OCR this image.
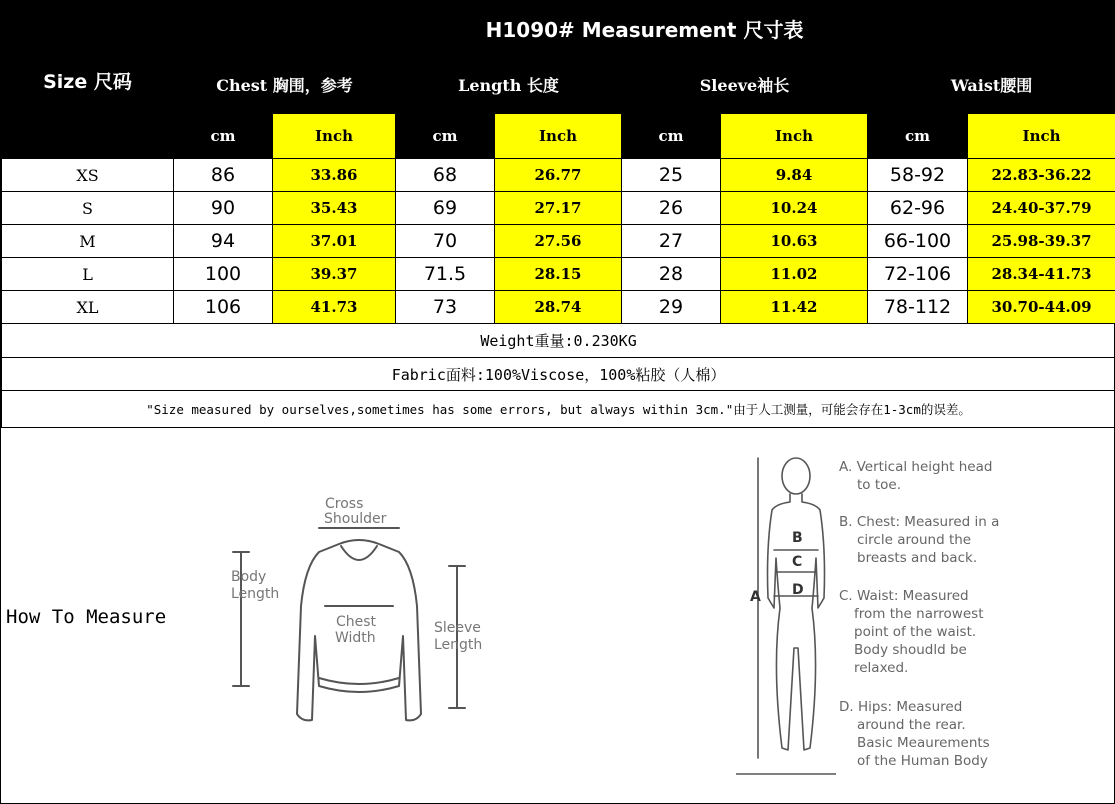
Size 尺码	H1090# Measurement 尺寸表							
	Chest 胸围，参考		Length 长度		Sleeve袖长		Waist腰围	
	cm	Inch	cm	Inch	cm	Inch	cm	Inch
XS	86	33.86	68	26.77	25	9.84	58-92	22.83-36.22
S	90	35.43	69	27.17	26	10.24	62-96	24.40-37.79
M	94	37.01	70	27.56	27	10.63	66-100	25.98-39.37
L	100	39.37	71.5	28.15	28	11.02	72-106	28.34-41.73
XL	106	41.73	73	28.74	29	11.42	78-112	30.70-44.09
Weight重量:0.230KG								
Fabric面料:100%Viscose，100%粘胶（人棉）								
"Size measured by ourselves,sometimes has some errors, but always within 3cm."由于人工测量，可能会存在1-3cm的误差。								
How To Measure
Cross
Shoulder
Body
Length
Chest
Width
Sleeve
Length
B
C
D
A
A. Vertical height head
to toe.
B. Chest: Measured in a
circle around the
breasts and back.
C. Waist: Measured
from the narrowest
point of the waist.
Body shoudld be
relaxed.
D. Hips: Measured
around the rear.
Basic Meaurements
of the Human Body
